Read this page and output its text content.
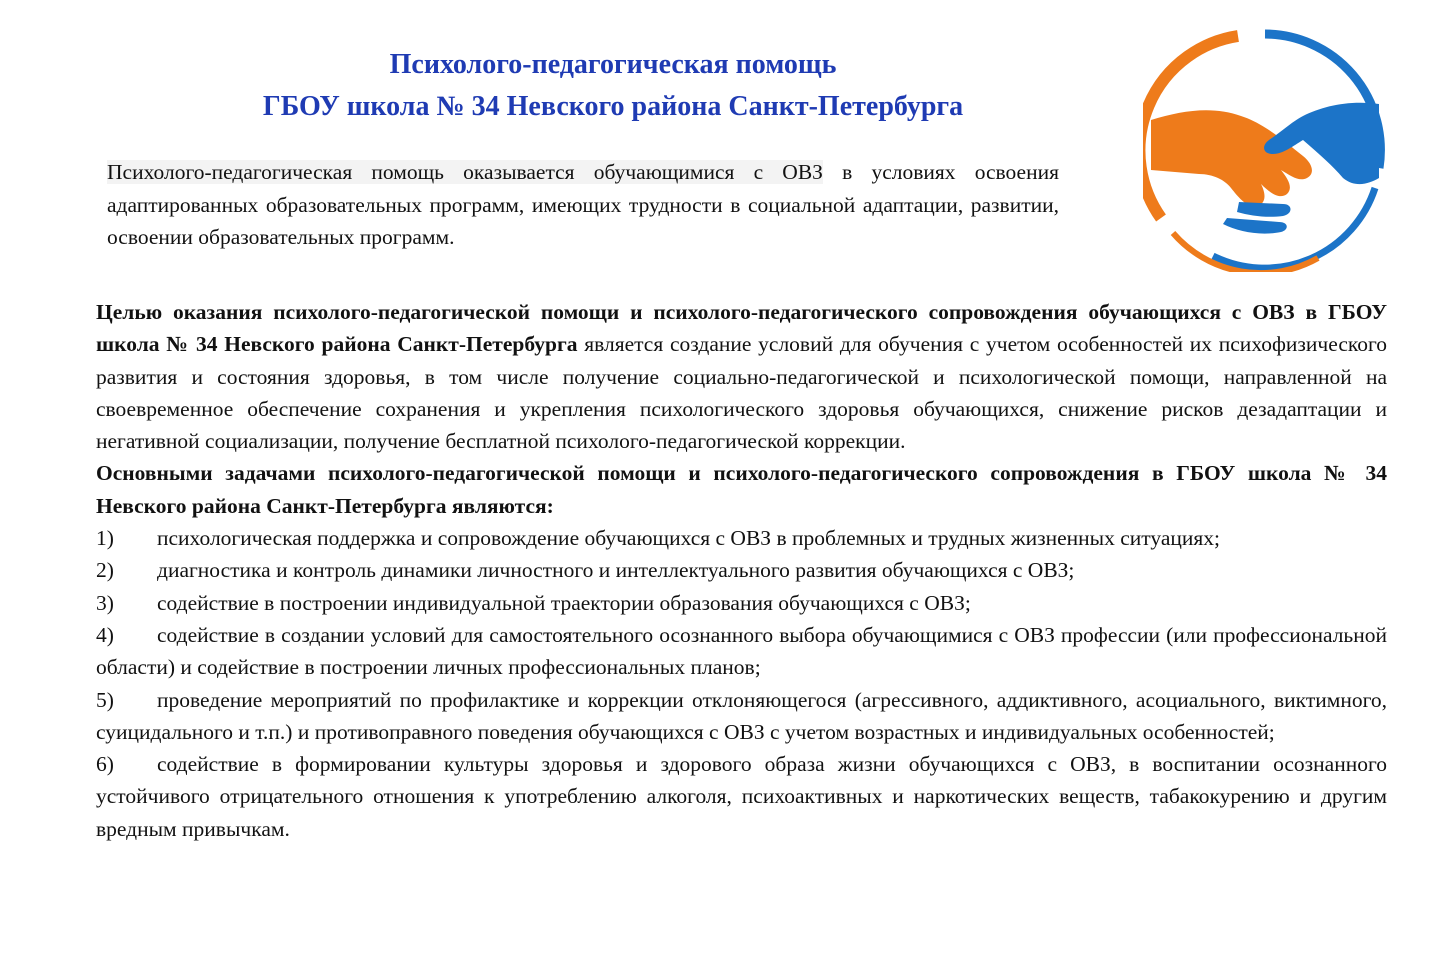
Психолого-педагогическая помощь
ГБОУ школа № 34 Невского района Санкт-Петербурга
Психолого-педагогическая помощь оказывается обучающимися с ОВЗ в условиях освоения адаптированных образовательных программ, имеющих трудности в социальной адаптации, развитии, освоении образовательных программ.

Целью оказания психолого-педагогической помощи и психолого-педагогического сопровождения обучающихся с ОВЗ в ГБОУ школа № 34 Невского района Санкт-Петербурга является создание условий для обучения с учетом особенностей их психофизического развития и состояния здоровья, в том числе получение социально-педагогической и психологической помощи, направленной на своевременное обеспечение сохранения и укрепления психологического здоровья обучающихся, снижение рисков дезадаптации и негативной социализации, получение бесплатной психолого-педагогической коррекции.

Основными задачами психолого-педагогической помощи и психолого-педагогического сопровождения в ГБОУ школа № 34 Невского района Санкт-Петербурга являются:

1) психологическая поддержка и сопровождение обучающихся с ОВЗ в проблемных и трудных жизненных ситуациях;

2) диагностика и контроль динамики личностного и интеллектуального развития обучающихся с ОВЗ;

3) содействие в построении индивидуальной траектории образования обучающихся с ОВЗ;

4) содействие в создании условий для самостоятельного осознанного выбора обучающимися с ОВЗ профессии (или профессиональной области) и содействие в построении личных профессиональных планов;

5) проведение мероприятий по профилактике и коррекции отклоняющегося (агрессивного, аддиктивного, асоциального, виктимного, суицидального и т.п.) и противоправного поведения обучающихся с ОВЗ с учетом возрастных и индивидуальных особенностей;

6) содействие в формировании культуры здоровья и здорового образа жизни обучающихся с ОВЗ, в воспитании осознанного устойчивого отрицательного отношения к употреблению алкоголя, психоактивных и наркотических веществ, табакокурению и другим вредным привычкам.
